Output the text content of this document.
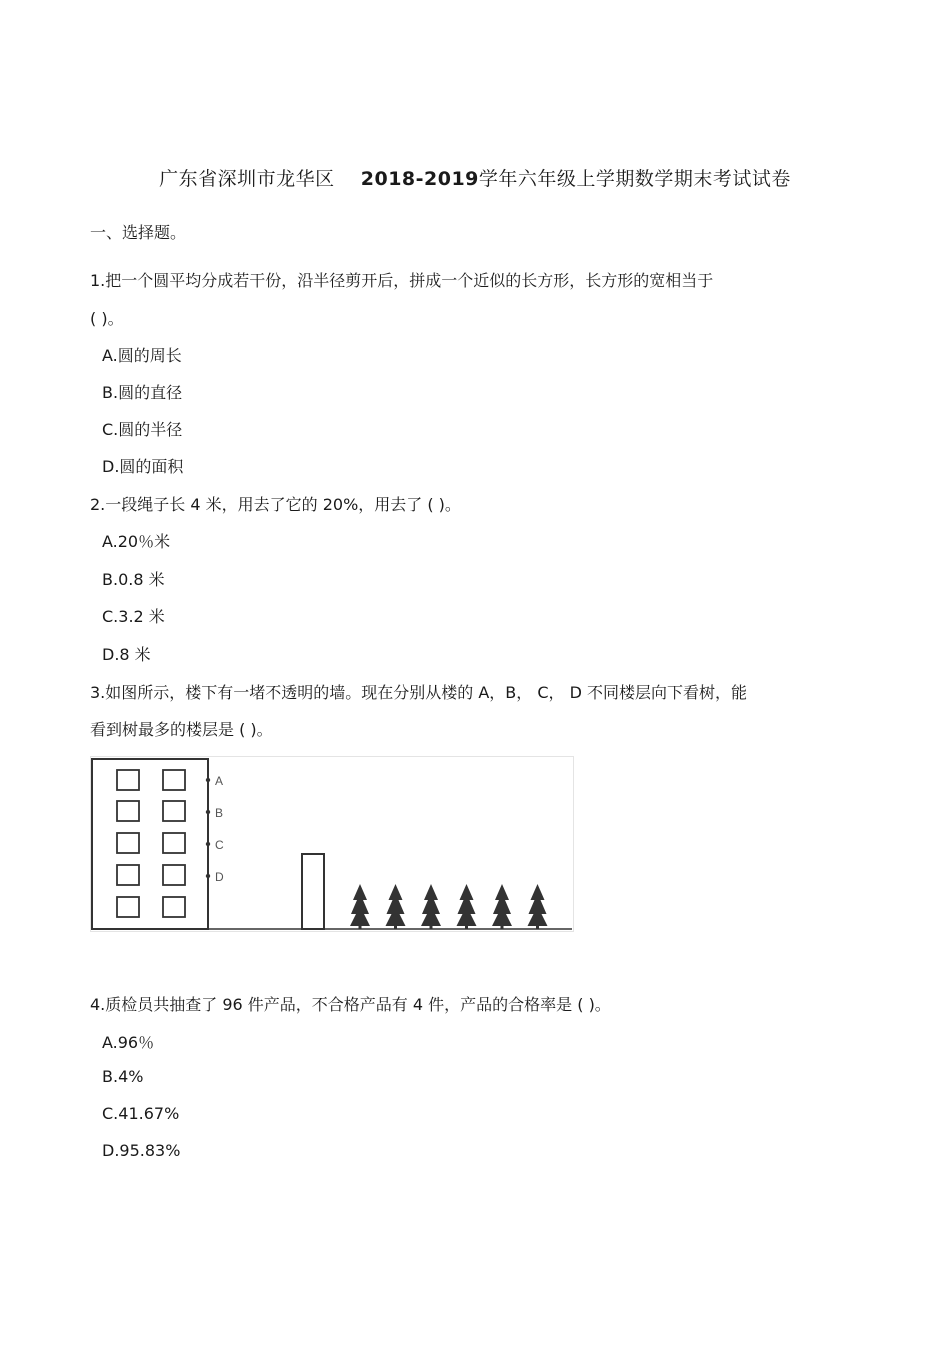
广东省深圳市龙华区 2018-2019学年六年级上学期数学期末考试试卷
一、选择题。
1.把一个圆平均分成若干份，沿半径剪开后，拼成一个近似的长方形，长方形的宽相当于
( )。
A.圆的周长
B.圆的直径
C.圆的半径
D.圆的面积
2.一段绳子长 4 米，用去了它的 20%，用去了 ( )。
A.20％米
B.0.8 米
C.3.2 米
D.8 米
3.如图所示，楼下有一堵不透明的墙。现在分别从楼的 A，B， C， D 不同楼层向下看树，能
看到树最多的楼层是 ( )。
A
B
C
D
4.质检员共抽查了 96 件产品，不合格产品有 4 件，产品的合格率是 ( )。
A.96％
B.4%
C.41.67%
D.95.83%
